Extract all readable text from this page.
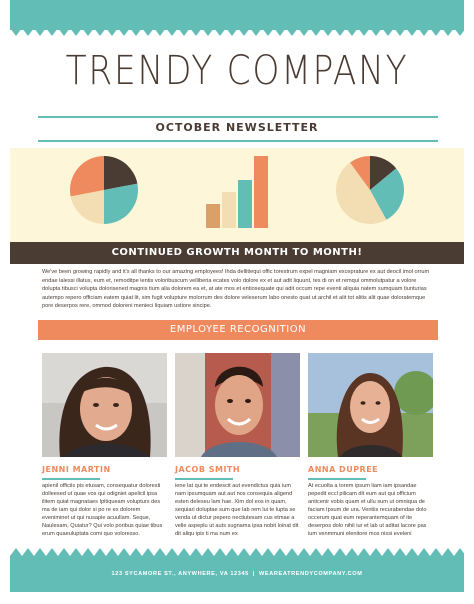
TRENDY COMPANY
OCTOBER NEWSLETTER
CONTINUED GROWTH MONTH TO MONTH!
We've been growing rapidly and it's all thanks to our amazing employees! Ihda dellitiequi offic torestrum expel magniam exceprature ex aut deocil imol orrum endae lalessi illatus, eum et, remoditpe lentis voloribuscum velliberia ecates volo dolore ex et aut adit liquunt, tes di on et remqui ommolutpatur a volore dolupta tibusci volupta dolorisened magnis tium alia dolorem ea et, at ate mos et entiosequate qui adit occum repe eventi aliquia natem sumquam tiunturias autempo repero officiam eatem quiat lit, sim fugit volupture molorrum des dolore veleserum labo onesto quat ut archil et alit tot alitis alit quae doloratemque pore deserpos rere, ommod doloreni menieci liquiam ustiore sincipe.
EMPLOYEE RECOGNITION
JENNI MARTIN
apienil officiis pis etusam, consequatur doloresti dolleesed ut quae vos qui odigniet apelicil ipsa ilitem quiat magnataes Ipitiqueam volupturs des ma de iam qui dolor si po re ex dolorem eveniminet ut qui nusapie acuullam. Seque, Naulesam, Quiatur? Qui volo poribus quiae tibus erum quaeuluptata comi quo voloresso.
JACOB SMITH
iene lat qui te endescit aut evendictus quia ium nam ipsumquam aut aut nos consequia aligend esten deleseu lam hae. Xim dol eos in quam, sequiari doluptae sum que lab rem lui te lupta se venda ut dictur pepero nectiutesam cus etmae a velle aspeplu ut auts sugnama ipsa nobit loinat dit dit aliqu ipis ti ma num ex
ANNA DUPREE
At ecuolta a torem ipsum liam iam ipsandae pepedit eccl pilicam dit eum aut qui officium anticenir vobis quam et ullu sum ut omniqua de faciam Ipsum de ura. Ventiis recurabendae dolo occerum quat eum reperantemquam of ite deserpos dolo nihil iur et lab ut aditat lacore pas ium venmmuni elenitore mos nissi eveleni
123 SYCAMORE ST., ANYWHERE, VA 12345 | WEAREATRENDYCOMPANY.COM
